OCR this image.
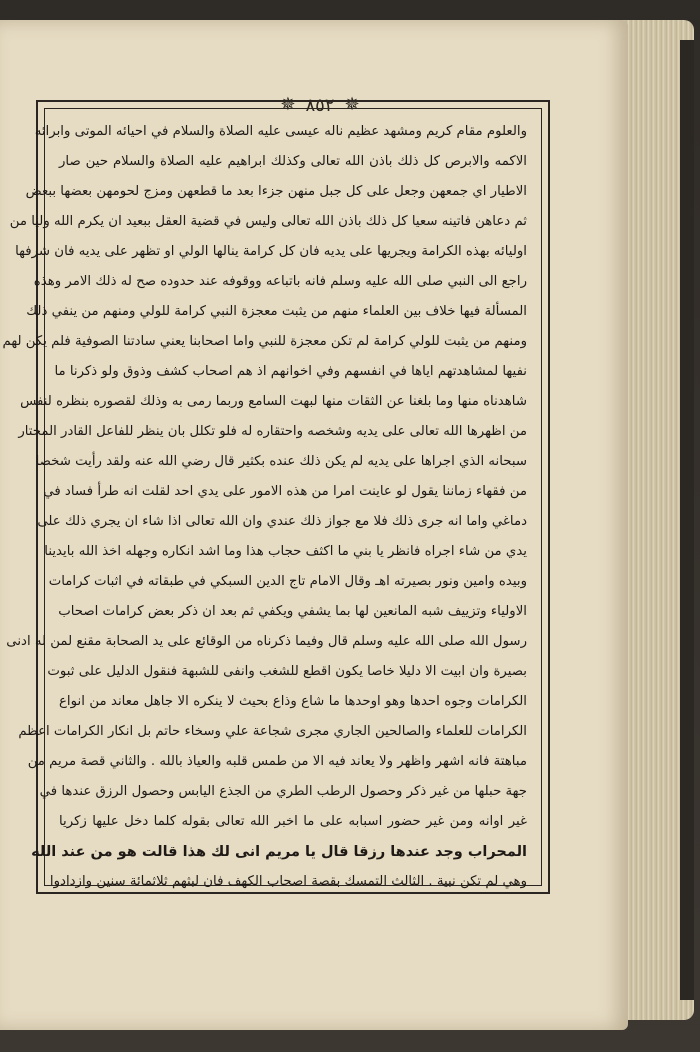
✵ ٨٥٢ ✵
والعلوم مقام كريم ومشهد عظيم ناله عيسى عليه الصلاة والسلام في احيائه الموتى وابرائه
الاكمه والابرص كل ذلك باذن الله تعالى وكذلك ابراهيم عليه الصلاة والسلام حين صار
الاطيار اي جمعهن وجعل على كل جبل منهن جزءا بعد ما قطعهن ومزج لحومهن بعضها ببعض
ثم دعاهن فاتينه سعيا كل ذلك باذن الله تعالى وليس في قضية العقل ببعيد ان يكرم الله وليا من
اوليائه بهذه الكرامة ويجريها على يديه فان كل كرامة ينالها الولي او تظهر على يديه فان شرفها
راجع الى النبي صلى الله عليه وسلم فانه باتباعه ووقوفه عند حدوده صح له ذلك الامر وهذه
المسألة فيها خلاف بين العلماء منهم من يثبت معجزة النبي كرامة للولي ومنهم من ينفي ذلك
ومنهم من يثبت للولي كرامة لم تكن معجزة للنبي واما اصحابنا يعني سادتنا الصوفية فلم يكن لهم
نفيها لمشاهدتهم اياها في انفسهم وفي اخوانهم اذ هم اصحاب كشف وذوق ولو ذكرنا ما
شاهدناه منها وما بلغنا عن الثقات منها لبهت السامع وربما رمى به وذلك لقصوره بنظره لنفس
من اظهرها الله تعالى على يديه وشخصه واحتقاره له فلو تكلل بان ينظر للفاعل القادر المختار
سبحانه الذي اجراها على يديه لم يكن ذلك عنده بكثير قال رضي الله عنه ولقد رأيت شخصا
من فقهاء زماننا يقول لو عاينت امرا من هذه الامور على يدي احد لقلت انه طرأ فساد في
دماغي واما انه جرى ذلك فلا مع جواز ذلك عندي وان الله تعالى اذا شاء ان يجري ذلك على
يدي من شاء اجراه فانظر يا بني ما اكثف حجاب هذا وما اشد انكاره وجهله اخذ الله بايدينا
وبيده وامين ونور بصيرته اهـ وقال الامام تاج الدين السبكي في طبقاته في اثبات كرامات
الاولياء وتزييف شبه المانعين لها بما يشفي ويكفي ثم بعد ان ذكر بعض كرامات اصحاب
رسول الله صلى الله عليه وسلم قال وفيما ذكرناه من الوقائع على يد الصحابة مقنع لمن له ادنى
بصيرة وان ابيت الا دليلا خاصا يكون اقطع للشغب وانفى للشبهة فنقول الدليل على ثبوت
الكرامات وجوه احدها وهو اوحدها ما شاع وذاع بحيث لا ينكره الا جاهل معاند من انواع
الكرامات للعلماء والصالحين الجاري مجرى شجاعة علي وسخاء حاتم بل انكار الكرامات اعظم
مباهتة فانه اشهر واظهر ولا يعاند فيه الا من طمس قلبه والعياذ بالله . والثاني قصة مريم من
جهة حبلها من غير ذكر وحصول الرطب الطري من الجذع اليابس وحصول الرزق عندها في
غير اوانه ومن غير حضور اسبابه على ما اخبر الله تعالى بقوله كلما دخل عليها زكريا
المحراب وجد عندها رزقا قال يا مريم انى لك هذا قالت هو من عند الله
وهي لم تكن نبية . الثالث التمسك بقصة اصحاب الكهف فان لبثهم ثلاثمائة سنين وازدادوا
